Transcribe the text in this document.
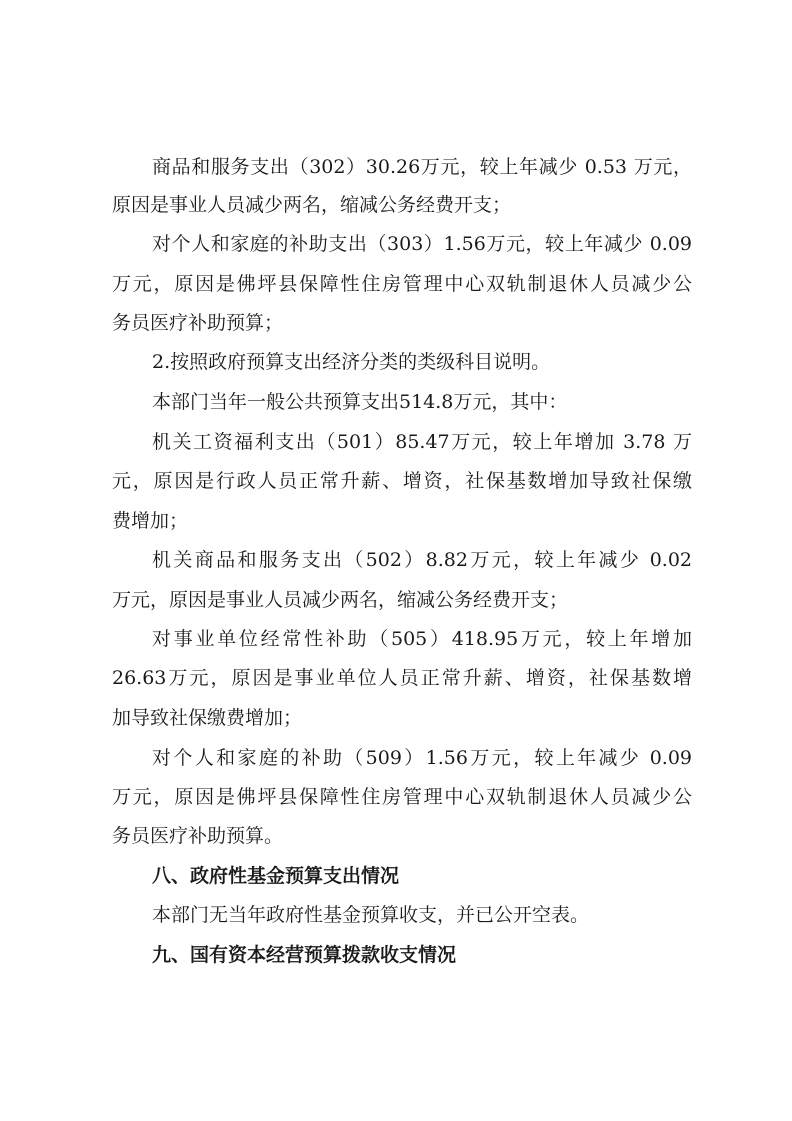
商品和服务支出（302）30.26万元，较上年减少 0.53 万元，
原因是事业人员减少两名，缩减公务经费开支；
对个人和家庭的补助支出（303）1.56万元，较上年减少 0.09
万元，原因是佛坪县保障性住房管理中心双轨制退休人员减少公
务员医疗补助预算；
2.按照政府预算支出经济分类的类级科目说明。
本部门当年一般公共预算支出514.8万元，其中：
机关工资福利支出（501）85.47万元，较上年增加 3.78 万
元，原因是行政人员正常升薪、增资，社保基数增加导致社保缴
费增加；
机关商品和服务支出（502）8.82万元，较上年减少 0.02
万元，原因是事业人员减少两名，缩减公务经费开支；
对事业单位经常性补助（505）418.95万元，较上年增加
26.63万元，原因是事业单位人员正常升薪、增资，社保基数增
加导致社保缴费增加；
对个人和家庭的补助（509）1.56万元，较上年减少 0.09
万元，原因是佛坪县保障性住房管理中心双轨制退休人员减少公
务员医疗补助预算。
八、政府性基金预算支出情况
本部门无当年政府性基金预算收支，并已公开空表。
九、国有资本经营预算拨款收支情况
